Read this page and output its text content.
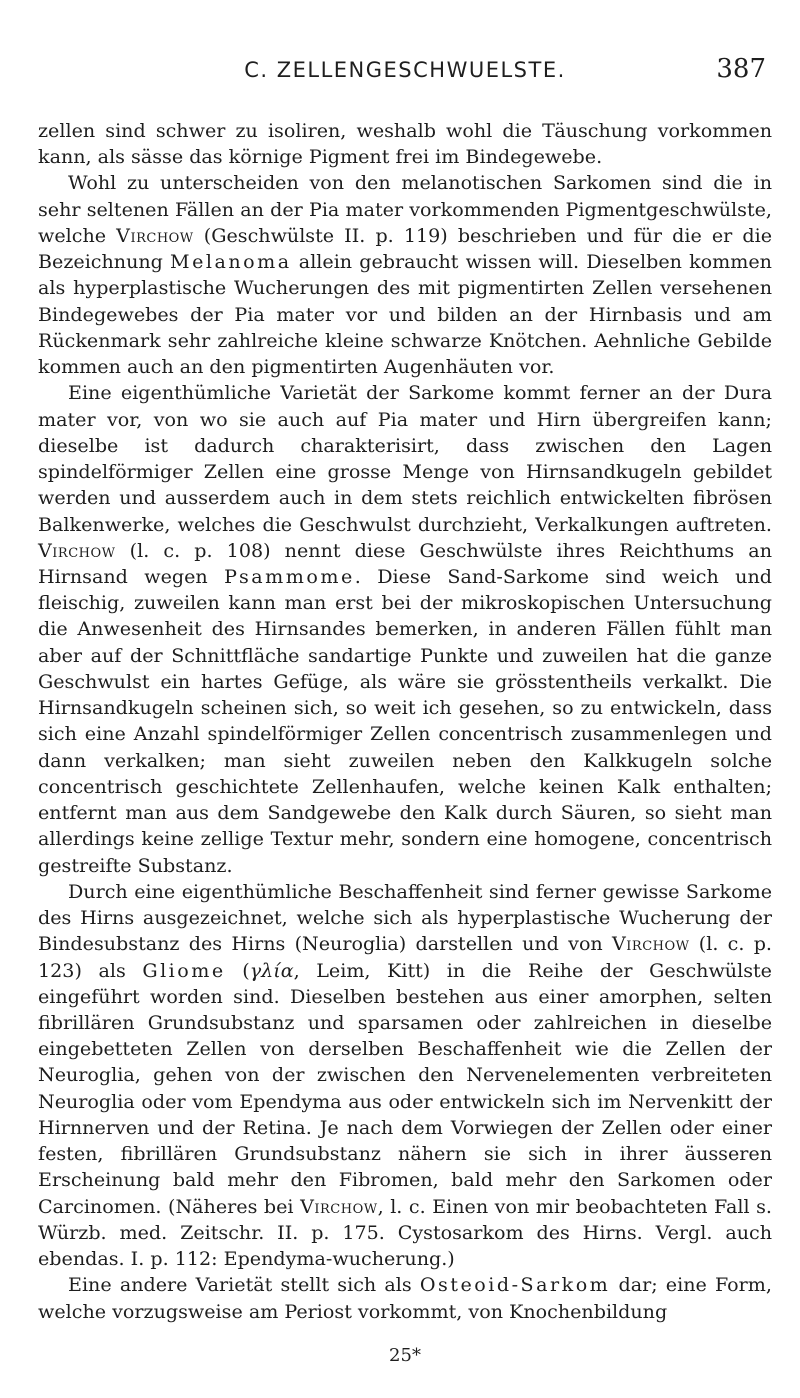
C. ZELLENGESCHWUELSTE.	387

zellen sind schwer zu isoliren, weshalb wohl die Täuschung vorkommen kann, als sässe das körnige Pigment frei im Bindegewebe.

Wohl zu unterscheiden von den melanotischen Sarkomen sind die in sehr seltenen Fällen an der Pia mater vorkommenden Pigmentgeschwülste, welche Virchow (Geschwülste II. p. 119) beschrieben und für die er die Bezeichnung Melanoma allein gebraucht wissen will. Dieselben kommen als hyperplastische Wucherungen des mit pigmentirten Zellen versehenen Bindegewebes der Pia mater vor und bilden an der Hirnbasis und am Rückenmark sehr zahlreiche kleine schwarze Knötchen. Aehnliche Gebilde kommen auch an den pigmentirten Augenhäuten vor.

Eine eigenthümliche Varietät der Sarkome kommt ferner an der Dura mater vor, von wo sie auch auf Pia mater und Hirn übergreifen kann; dieselbe ist dadurch charakterisirt, dass zwischen den Lagen spindelförmiger Zellen eine grosse Menge von Hirnsandkugeln gebildet werden und ausserdem auch in dem stets reichlich entwickelten fibrösen Balkenwerke, welches die Geschwulst durchzieht, Verkalkungen auftreten. Virchow (l. c. p. 108) nennt diese Geschwülste ihres Reichthums an Hirnsand wegen Psammome. Diese Sand-Sarkome sind weich und fleischig, zuweilen kann man erst bei der mikroskopischen Untersuchung die Anwesenheit des Hirnsandes bemerken, in anderen Fällen fühlt man aber auf der Schnittfläche sandartige Punkte und zuweilen hat die ganze Geschwulst ein hartes Gefüge, als wäre sie grösstentheils verkalkt. Die Hirnsandkugeln scheinen sich, so weit ich gesehen, so zu entwickeln, dass sich eine Anzahl spindelförmiger Zellen concentrisch zusammenlegen und dann verkalken; man sieht zuweilen neben den Kalkkugeln solche concentrisch geschichtete Zellenhaufen, welche keinen Kalk enthalten; entfernt man aus dem Sandgewebe den Kalk durch Säuren, so sieht man allerdings keine zellige Textur mehr, sondern eine homogene, concentrisch gestreifte Substanz.

Durch eine eigenthümliche Beschaffenheit sind ferner gewisse Sarkome des Hirns ausgezeichnet, welche sich als hyperplastische Wucherung der Bindesubstanz des Hirns (Neuroglia) darstellen und von Virchow (l. c. p. 123) als Gliome (γλία, Leim, Kitt) in die Reihe der Geschwülste eingeführt worden sind. Dieselben bestehen aus einer amorphen, selten fibrillären Grundsubstanz und sparsamen oder zahlreichen in dieselbe eingebetteten Zellen von derselben Beschaffenheit wie die Zellen der Neuroglia, gehen von der zwischen den Nervenelementen verbreiteten Neuroglia oder vom Ependyma aus oder entwickeln sich im Nervenkitt der Hirnnerven und der Retina. Je nach dem Vorwiegen der Zellen oder einer festen, fibrillären Grundsubstanz nähern sie sich in ihrer äusseren Erscheinung bald mehr den Fibromen, bald mehr den Sarkomen oder Carcinomen. (Näheres bei Virchow, l. c. Einen von mir beobachteten Fall s. Würzb. med. Zeitschr. II. p. 175. Cystosarkom des Hirns. Vergl. auch ebendas. I. p. 112: Ependyma-wucherung.)

Eine andere Varietät stellt sich als Osteoid-Sarkom dar; eine Form, welche vorzugsweise am Periost vorkommt, von Knochenbildung

25*
